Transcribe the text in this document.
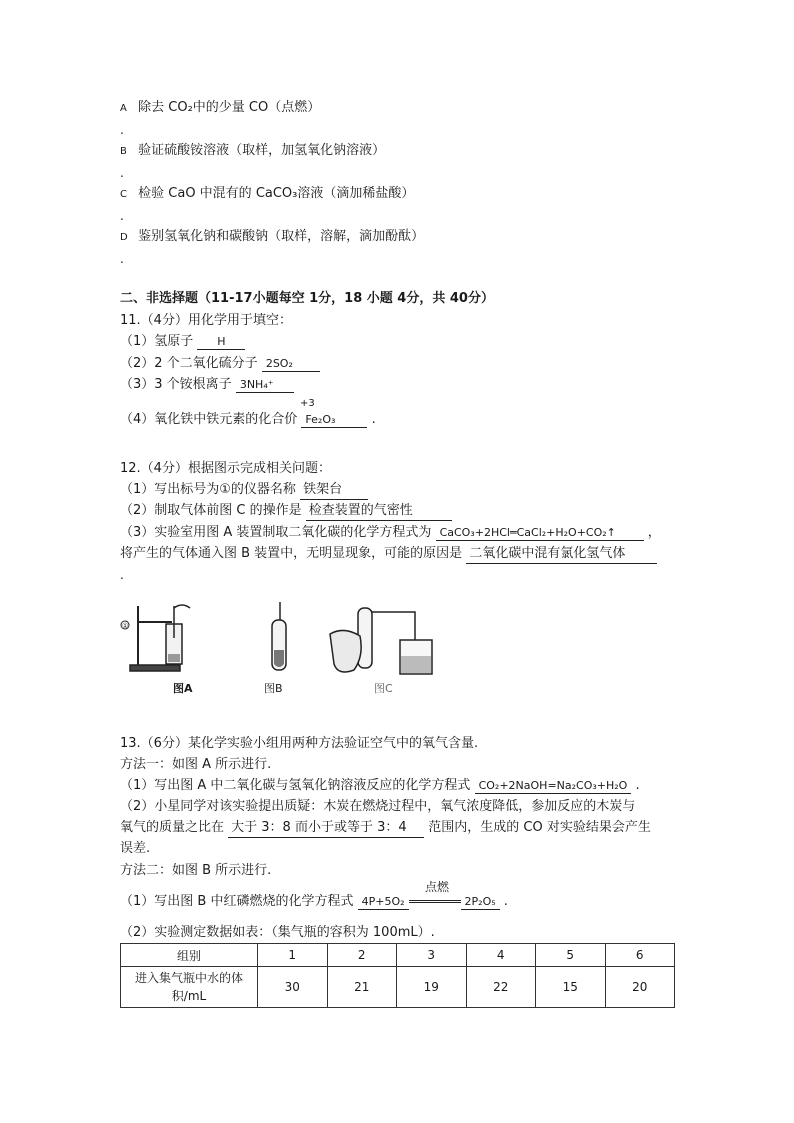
A 除去 CO₂中的少量 CO（点燃）
.
B 验证硫酸铵溶液（取样，加氢氧化钠溶液）
.
C 检验 CaO 中混有的 CaCO₃溶液（滴加稀盐酸）
.
D 鉴别氢氧化钠和碳酸钠（取样，溶解，滴加酚酞）
.
二、非选择题（11-17小题每空 1分，18 小题 4分，共 40分）
11.（4分）用化学用于填空：
（1）氢原子 H
（2）2 个二氧化硫分子 2SO₂
（3）3 个铵根离子 3NH₄⁺
+3
（4）氧化铁中铁元素的化合价 Fe₂O₃	.
12.（4分）根据图示完成相关问题：
（1）写出标号为①的仪器名称 铁架台
（2）制取气体前图 C 的操作是 检查装置的气密性
（3）实验室用图 A 装置制取二氧化碳的化学方程式为 CaCO₃+2HCl═CaCl₂+H₂O+CO₂↑ ，
将产生的气体通入图 B 装置中，无明显现象，可能的原因是 二氧化碳中混有氯化氢气体
.
①
图A	图B	图C
13.（6分）某化学实验小组用两种方法验证空气中的氧气含量.
方法一：如图 A 所示进行.
（1）写出图 A 中二氧化碳与氢氧化钠溶液反应的化学方程式 CO₂+2NaOH=Na₂CO₃+H₂O .
（2）小星同学对该实验提出质疑：木炭在燃烧过程中，氧气浓度降低，参加反应的木炭与
氧气的质量之比在 大于 3：8 而小于或等于 3：4 范围内，生成的 CO 对实验结果会产生
误差.
方法二：如图 B 所示进行.
点燃
（1）写出图 B 中红磷燃烧的化学方程式 4P+5O₂	2P₂O₅ .
（2）实验测定数据如表：（集气瓶的容积为 100mL）.
组别	1	2	3	4	5	6
进入集气瓶中水的体积/mL	30	21	19	22	15	20
